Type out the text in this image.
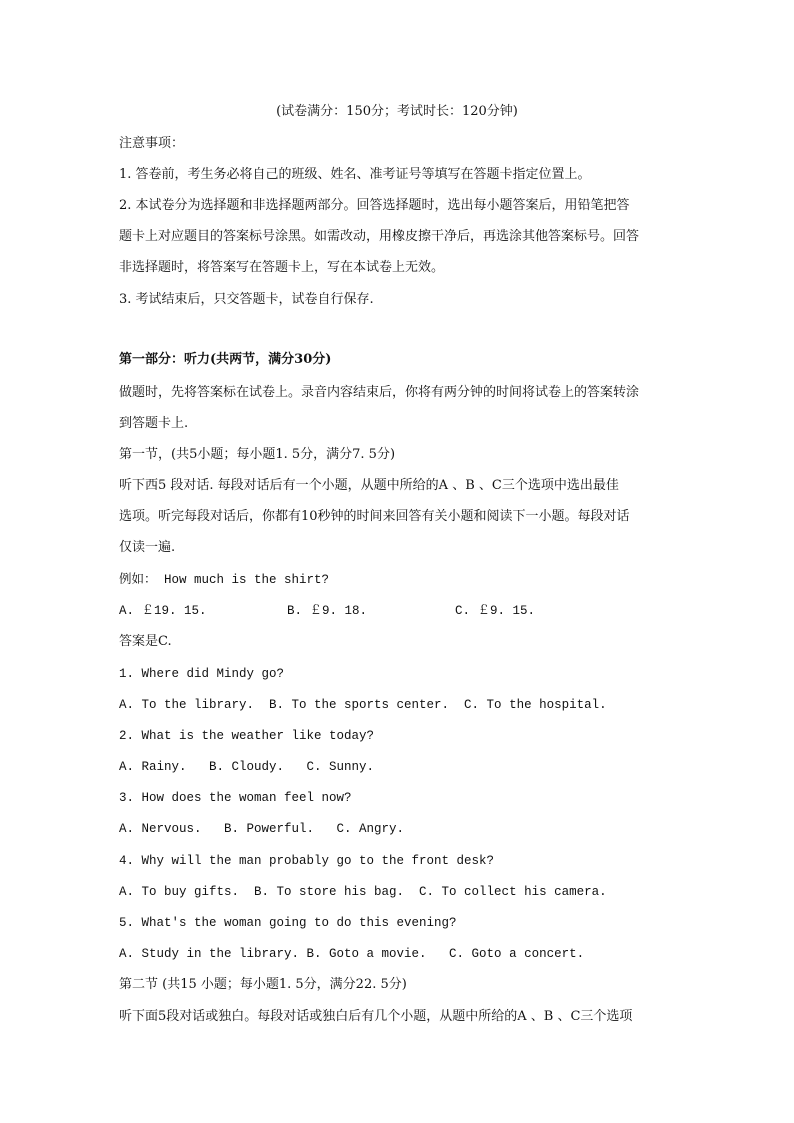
(试卷满分：150分；考试时长：120分钟)
注意事项：
1. 答卷前，考生务必将自己的班级、姓名、准考证号等填写在答题卡指定位置上。
2. 本试卷分为选择题和非选择题两部分。回答选择题时，选出每小题答案后，用铅笔把答
题卡上对应题目的答案标号涂黑。如需改动，用橡皮擦干净后，再选涂其他答案标号。回答
非选择题时，将答案写在答题卡上，写在本试卷上无效。
3. 考试结束后，只交答题卡，试卷自行保存.
第一部分：听力(共两节，满分30分)
做题时，先将答案标在试卷上。录音内容结束后，你将有两分钟的时间将试卷上的答案转涂
到答题卡上.
第一节，(共5小题；每小题1. 5分，满分7. 5分)
听下西5 段对话. 每段对话后有一个小题，从题中所给的A 、B 、C三个选项中选出最佳
选项。听完每段对话后，你都有10秒钟的时间来回答有关小题和阅读下一小题。每段对话
仅读一遍.
例如： How much is the shirt?
A. ￡19. 15.	B. ￡9. 18.	C. ￡9. 15.
答案是C.
1. Where did Mindy go?
A. To the library.  B. To the sports center.  C. To the hospital.
2. What is the weather like today?
A. Rainy.   B. Cloudy.   C. Sunny.
3. How does the woman feel now?
A. Nervous.   B. Powerful.   C. Angry.
4. Why will the man probably go to the front desk?
A. To buy gifts.  B. To store his bag.  C. To collect his camera.
5. What's the woman going to do this evening?
A. Study in the library. B. Goto a movie.   C. Goto a concert.
第二节 (共15 小题；每小题1. 5分，满分22. 5分)
听下面5段对话或独白。每段对话或独白后有几个小题，从题中所给的A 、B 、C三个选项
